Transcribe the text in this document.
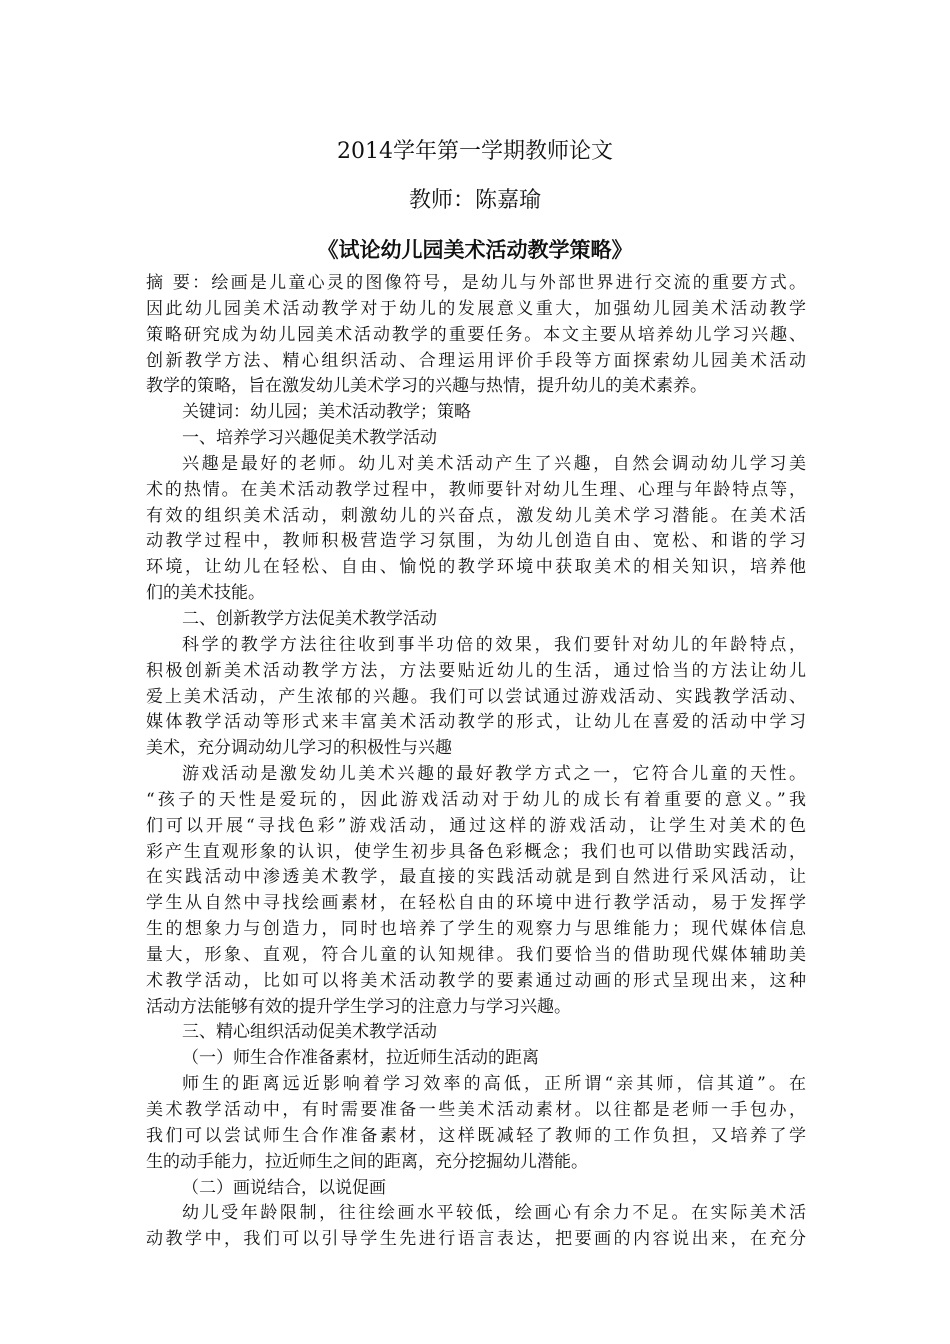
2014学年第一学期教师论文
教师：陈嘉瑜
《试论幼儿园美术活动教学策略》
摘 要：绘画是儿童心灵的图像符号，是幼儿与外部世界进行交流的重要方式。
因此幼儿园美术活动教学对于幼儿的发展意义重大，加强幼儿园美术活动教学
策略研究成为幼儿园美术活动教学的重要任务。本文主要从培养幼儿学习兴趣、
创新教学方法、精心组织活动、合理运用评价手段等方面探索幼儿园美术活动
教学的策略，旨在激发幼儿美术学习的兴趣与热情，提升幼儿的美术素养。
关键词：幼儿园；美术活动教学；策略
一、培养学习兴趣促美术教学活动
兴趣是最好的老师。幼儿对美术活动产生了兴趣，自然会调动幼儿学习美
术的热情。在美术活动教学过程中，教师要针对幼儿生理、心理与年龄特点等，
有效的组织美术活动，刺激幼儿的兴奋点，激发幼儿美术学习潜能。在美术活
动教学过程中，教师积极营造学习氛围，为幼儿创造自由、宽松、和谐的学习
环境，让幼儿在轻松、自由、愉悦的教学环境中获取美术的相关知识，培养他
们的美术技能。
二、创新教学方法促美术教学活动
科学的教学方法往往收到事半功倍的效果，我们要针对幼儿的年龄特点，
积极创新美术活动教学方法，方法要贴近幼儿的生活，通过恰当的方法让幼儿
爱上美术活动，产生浓郁的兴趣。我们可以尝试通过游戏活动、实践教学活动、
媒体教学活动等形式来丰富美术活动教学的形式，让幼儿在喜爱的活动中学习
美术，充分调动幼儿学习的积极性与兴趣
游戏活动是激发幼儿美术兴趣的最好教学方式之一，它符合儿童的天性。
“孩子的天性是爱玩的，因此游戏活动对于幼儿的成长有着重要的意义。”我
们可以开展“寻找色彩”游戏活动，通过这样的游戏活动，让学生对美术的色
彩产生直观形象的认识，使学生初步具备色彩概念；我们也可以借助实践活动，
在实践活动中渗透美术教学，最直接的实践活动就是到自然进行采风活动，让
学生从自然中寻找绘画素材，在轻松自由的环境中进行教学活动，易于发挥学
生的想象力与创造力，同时也培养了学生的观察力与思维能力；现代媒体信息
量大，形象、直观，符合儿童的认知规律。我们要恰当的借助现代媒体辅助美
术教学活动，比如可以将美术活动教学的要素通过动画的形式呈现出来，这种
活动方法能够有效的提升学生学习的注意力与学习兴趣。
三、精心组织活动促美术教学活动
（一）师生合作准备素材，拉近师生活动的距离
师生的距离远近影响着学习效率的高低，正所谓“亲其师，信其道”。在
美术教学活动中，有时需要准备一些美术活动素材。以往都是老师一手包办，
我们可以尝试师生合作准备素材，这样既减轻了教师的工作负担，又培养了学
生的动手能力，拉近师生之间的距离，充分挖掘幼儿潜能。
（二）画说结合，以说促画
幼儿受年龄限制，往往绘画水平较低，绘画心有余力不足。在实际美术活
动教学中，我们可以引导学生先进行语言表达，把要画的内容说出来，在充分
